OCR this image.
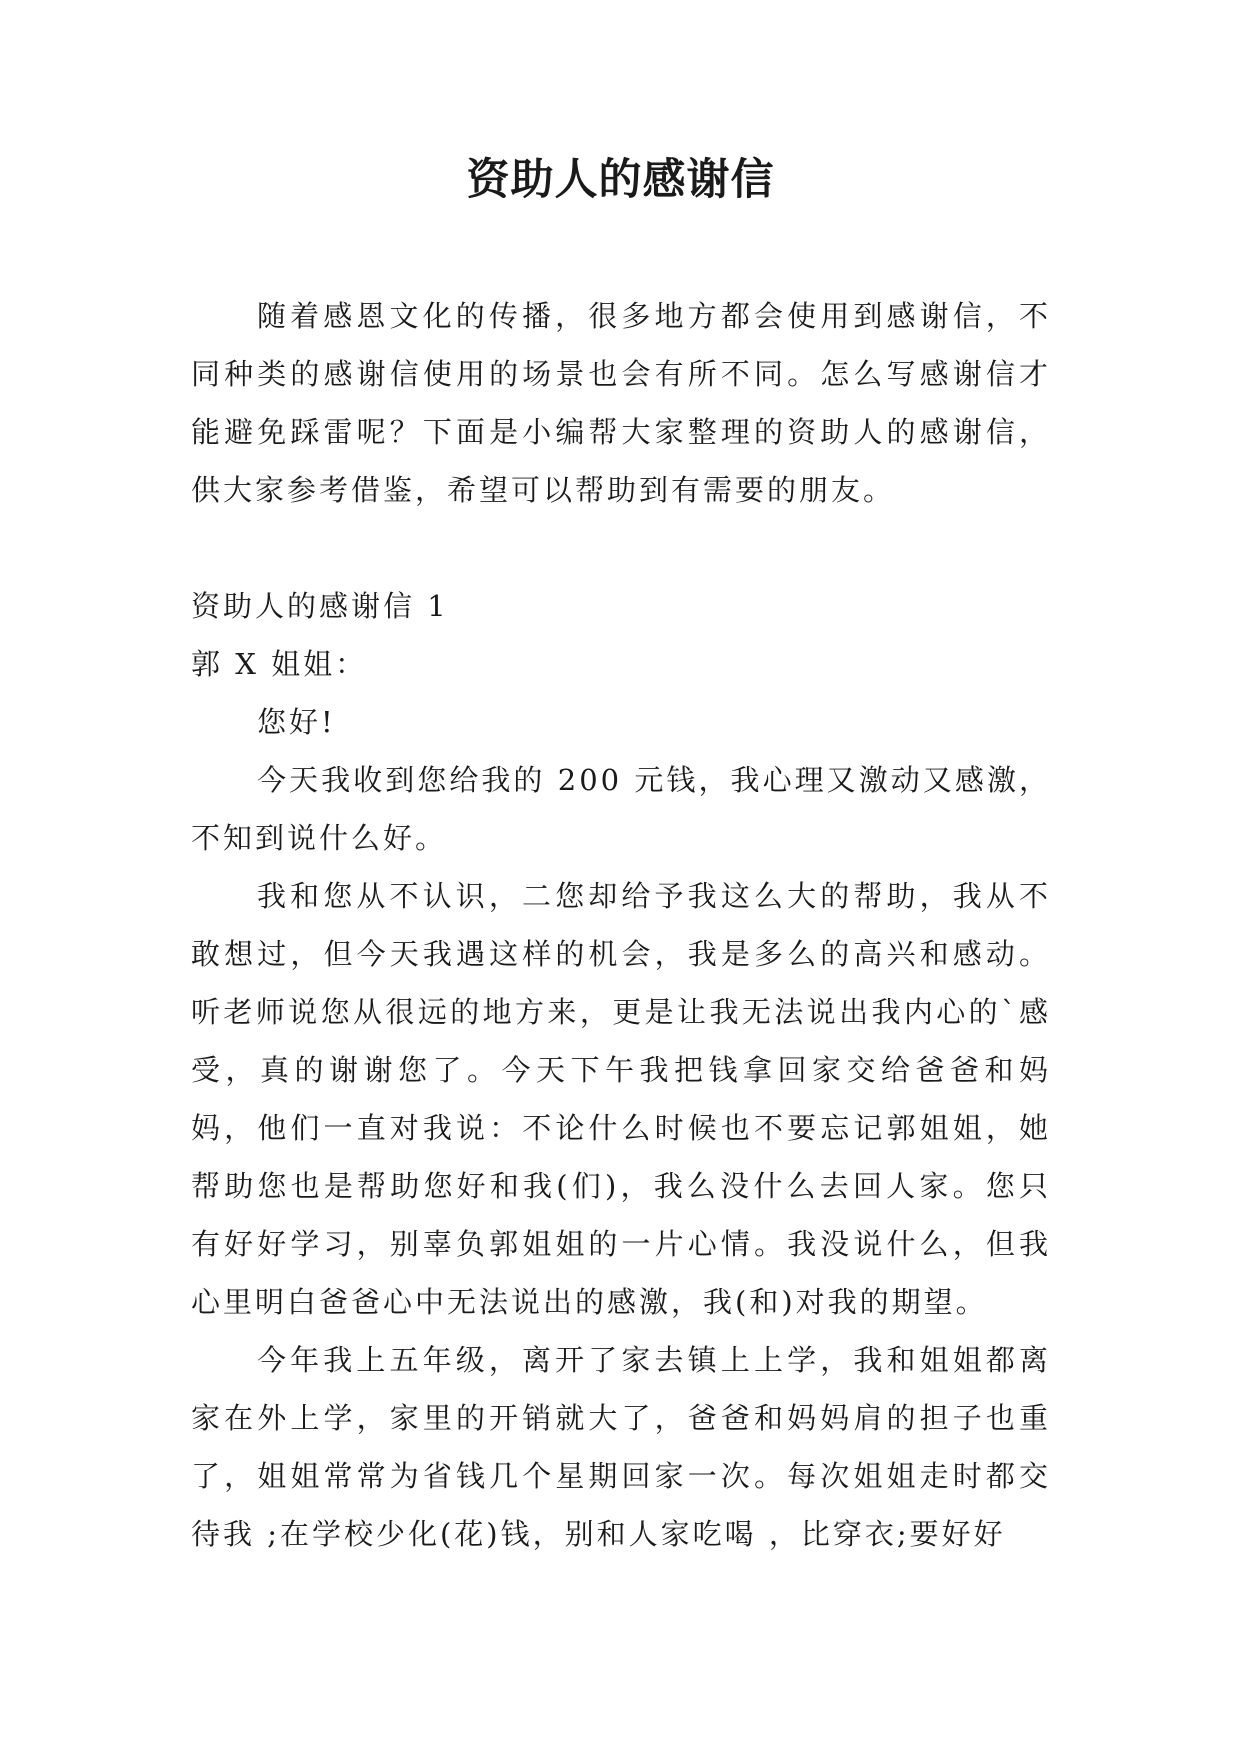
资助人的感谢信

随着感恩文化的传播，很多地方都会使用到感谢信，不同种类的感谢信使用的场景也会有所不同。怎么写感谢信才能避免踩雷呢？下面是小编帮大家整理的资助人的感谢信，供大家参考借鉴，希望可以帮助到有需要的朋友。

资助人的感谢信 1

郭 X 姐姐：

您好!

今天我收到您给我的 200 元钱，我心理又激动又感激，不知到说什么好。

我和您从不认识，二您却给予我这么大的帮助，我从不敢想过，但今天我遇这样的机会，我是多么的高兴和感动。听老师说您从很远的地方来，更是让我无法说出我内心的`感受，真的谢谢您了。今天下午我把钱拿回家交给爸爸和妈妈，他们一直对我说：不论什么时候也不要忘记郭姐姐，她帮助您也是帮助您好和我(们)，我么没什么去回人家。您只有好好学习，别辜负郭姐姐的一片心情。我没说什么，但我心里明白爸爸心中无法说出的感激，我(和)对我的期望。

今年我上五年级，离开了家去镇上上学，我和姐姐都离家在外上学，家里的开销就大了，爸爸和妈妈肩的担子也重了，姐姐常常为省钱几个星期回家一次。每次姐姐走时都交待我 ;在学校少化(花)钱，别和人家吃喝 ，比穿衣;要好好
